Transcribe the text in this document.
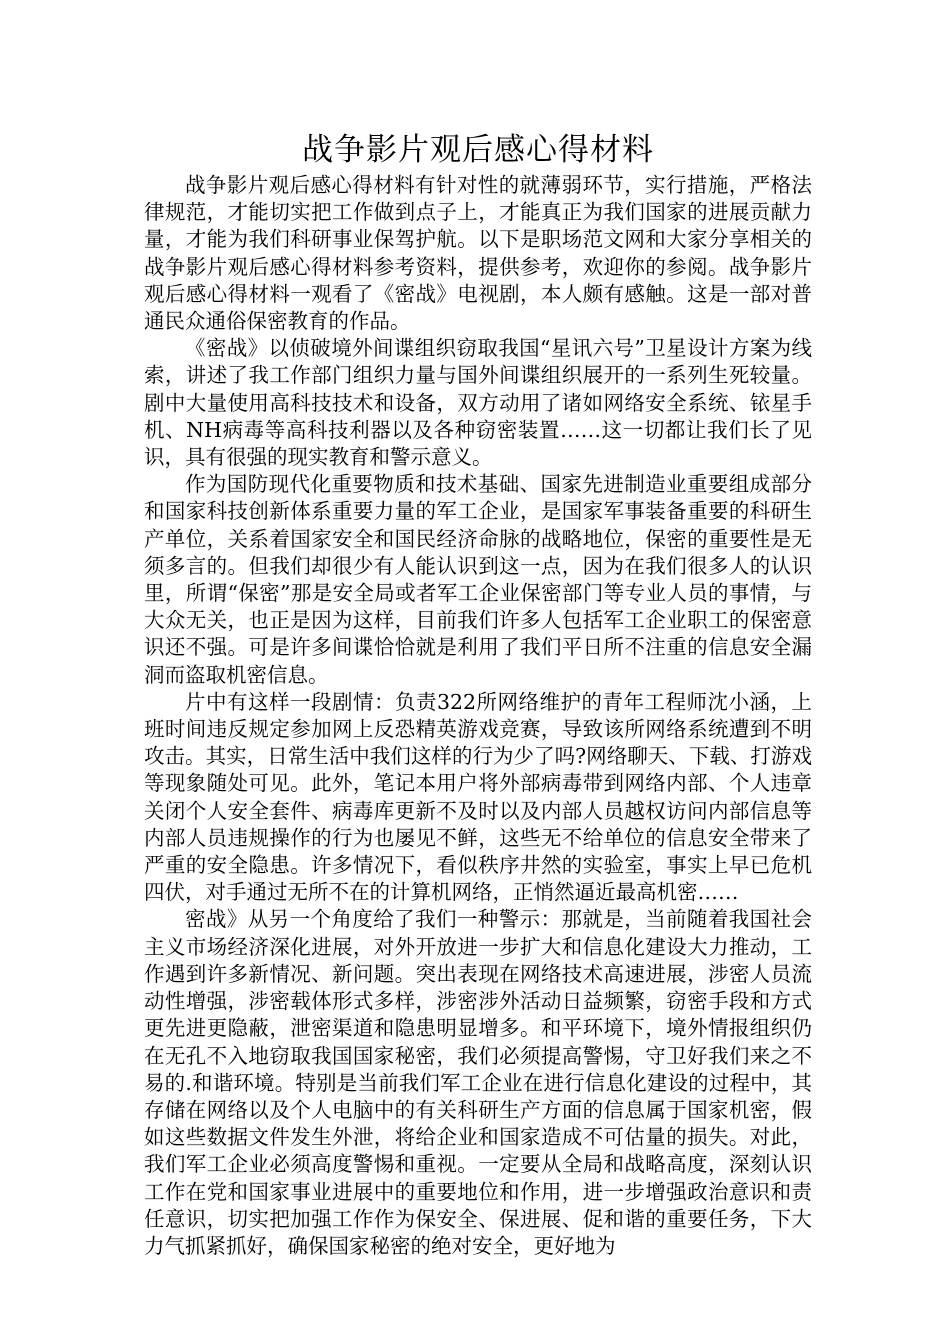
战争影片观后感心得材料

战争影片观后感心得材料有针对性的就薄弱环节，实行措施，严格法律规范，才能切实把工作做到点子上，才能真正为我们国家的进展贡献力量，才能为我们科研事业保驾护航。以下是职场范文网和大家分享相关的战争影片观后感心得材料参考资料，提供参考，欢迎你的参阅。战争影片观后感心得材料一观看了《密战》电视剧，本人颇有感触。这是一部对普通民众通俗保密教育的作品。

《密战》以侦破境外间谍组织窃取我国“星讯六号”卫星设计方案为线索，讲述了我工作部门组织力量与国外间谍组织展开的一系列生死较量。剧中大量使用高科技技术和设备，双方动用了诸如网络安全系统、铱星手机、NH病毒等高科技利器以及各种窃密装置……这一切都让我们长了见识，具有很强的现实教育和警示意义。

作为国防现代化重要物质和技术基础、国家先进制造业重要组成部分和国家科技创新体系重要力量的军工企业，是国家军事装备重要的科研生产单位，关系着国家安全和国民经济命脉的战略地位，保密的重要性是无须多言的。但我们却很少有人能认识到这一点，因为在我们很多人的认识里，所谓“保密”那是安全局或者军工企业保密部门等专业人员的事情，与大众无关，也正是因为这样，目前我们许多人包括军工企业职工的保密意识还不强。可是许多间谍恰恰就是利用了我们平日所不注重的信息安全漏洞而盗取机密信息。

片中有这样一段剧情：负责322所网络维护的青年工程师沈小涵，上班时间违反规定参加网上反恐精英游戏竞赛，导致该所网络系统遭到不明攻击。其实，日常生活中我们这样的行为少了吗?网络聊天、下载、打游戏等现象随处可见。此外，笔记本用户将外部病毒带到网络内部、个人违章关闭个人安全套件、病毒库更新不及时以及内部人员越权访问内部信息等内部人员违规操作的行为也屡见不鲜，这些无不给单位的信息安全带来了严重的安全隐患。许多情况下，看似秩序井然的实验室，事实上早已危机四伏，对手通过无所不在的计算机网络，正悄然逼近最高机密……

密战》从另一个角度给了我们一种警示：那就是，当前随着我国社会主义市场经济深化进展，对外开放进一步扩大和信息化建设大力推动，工作遇到许多新情况、新问题。突出表现在网络技术高速进展，涉密人员流动性增强，涉密载体形式多样，涉密涉外活动日益频繁，窃密手段和方式更先进更隐蔽，泄密渠道和隐患明显增多。和平环境下，境外情报组织仍在无孔不入地窃取我国国家秘密，我们必须提高警惕，守卫好我们来之不易的.和谐环境。特别是当前我们军工企业在进行信息化建设的过程中，其存储在网络以及个人电脑中的有关科研生产方面的信息属于国家机密，假如这些数据文件发生外泄，将给企业和国家造成不可估量的损失。对此，我们军工企业必须高度警惕和重视。一定要从全局和战略高度，深刻认识工作在党和国家事业进展中的重要地位和作用，进一步增强政治意识和责任意识，切实把加强工作作为保安全、保进展、促和谐的重要任务，下大力气抓紧抓好，确保国家秘密的绝对安全，更好地为
